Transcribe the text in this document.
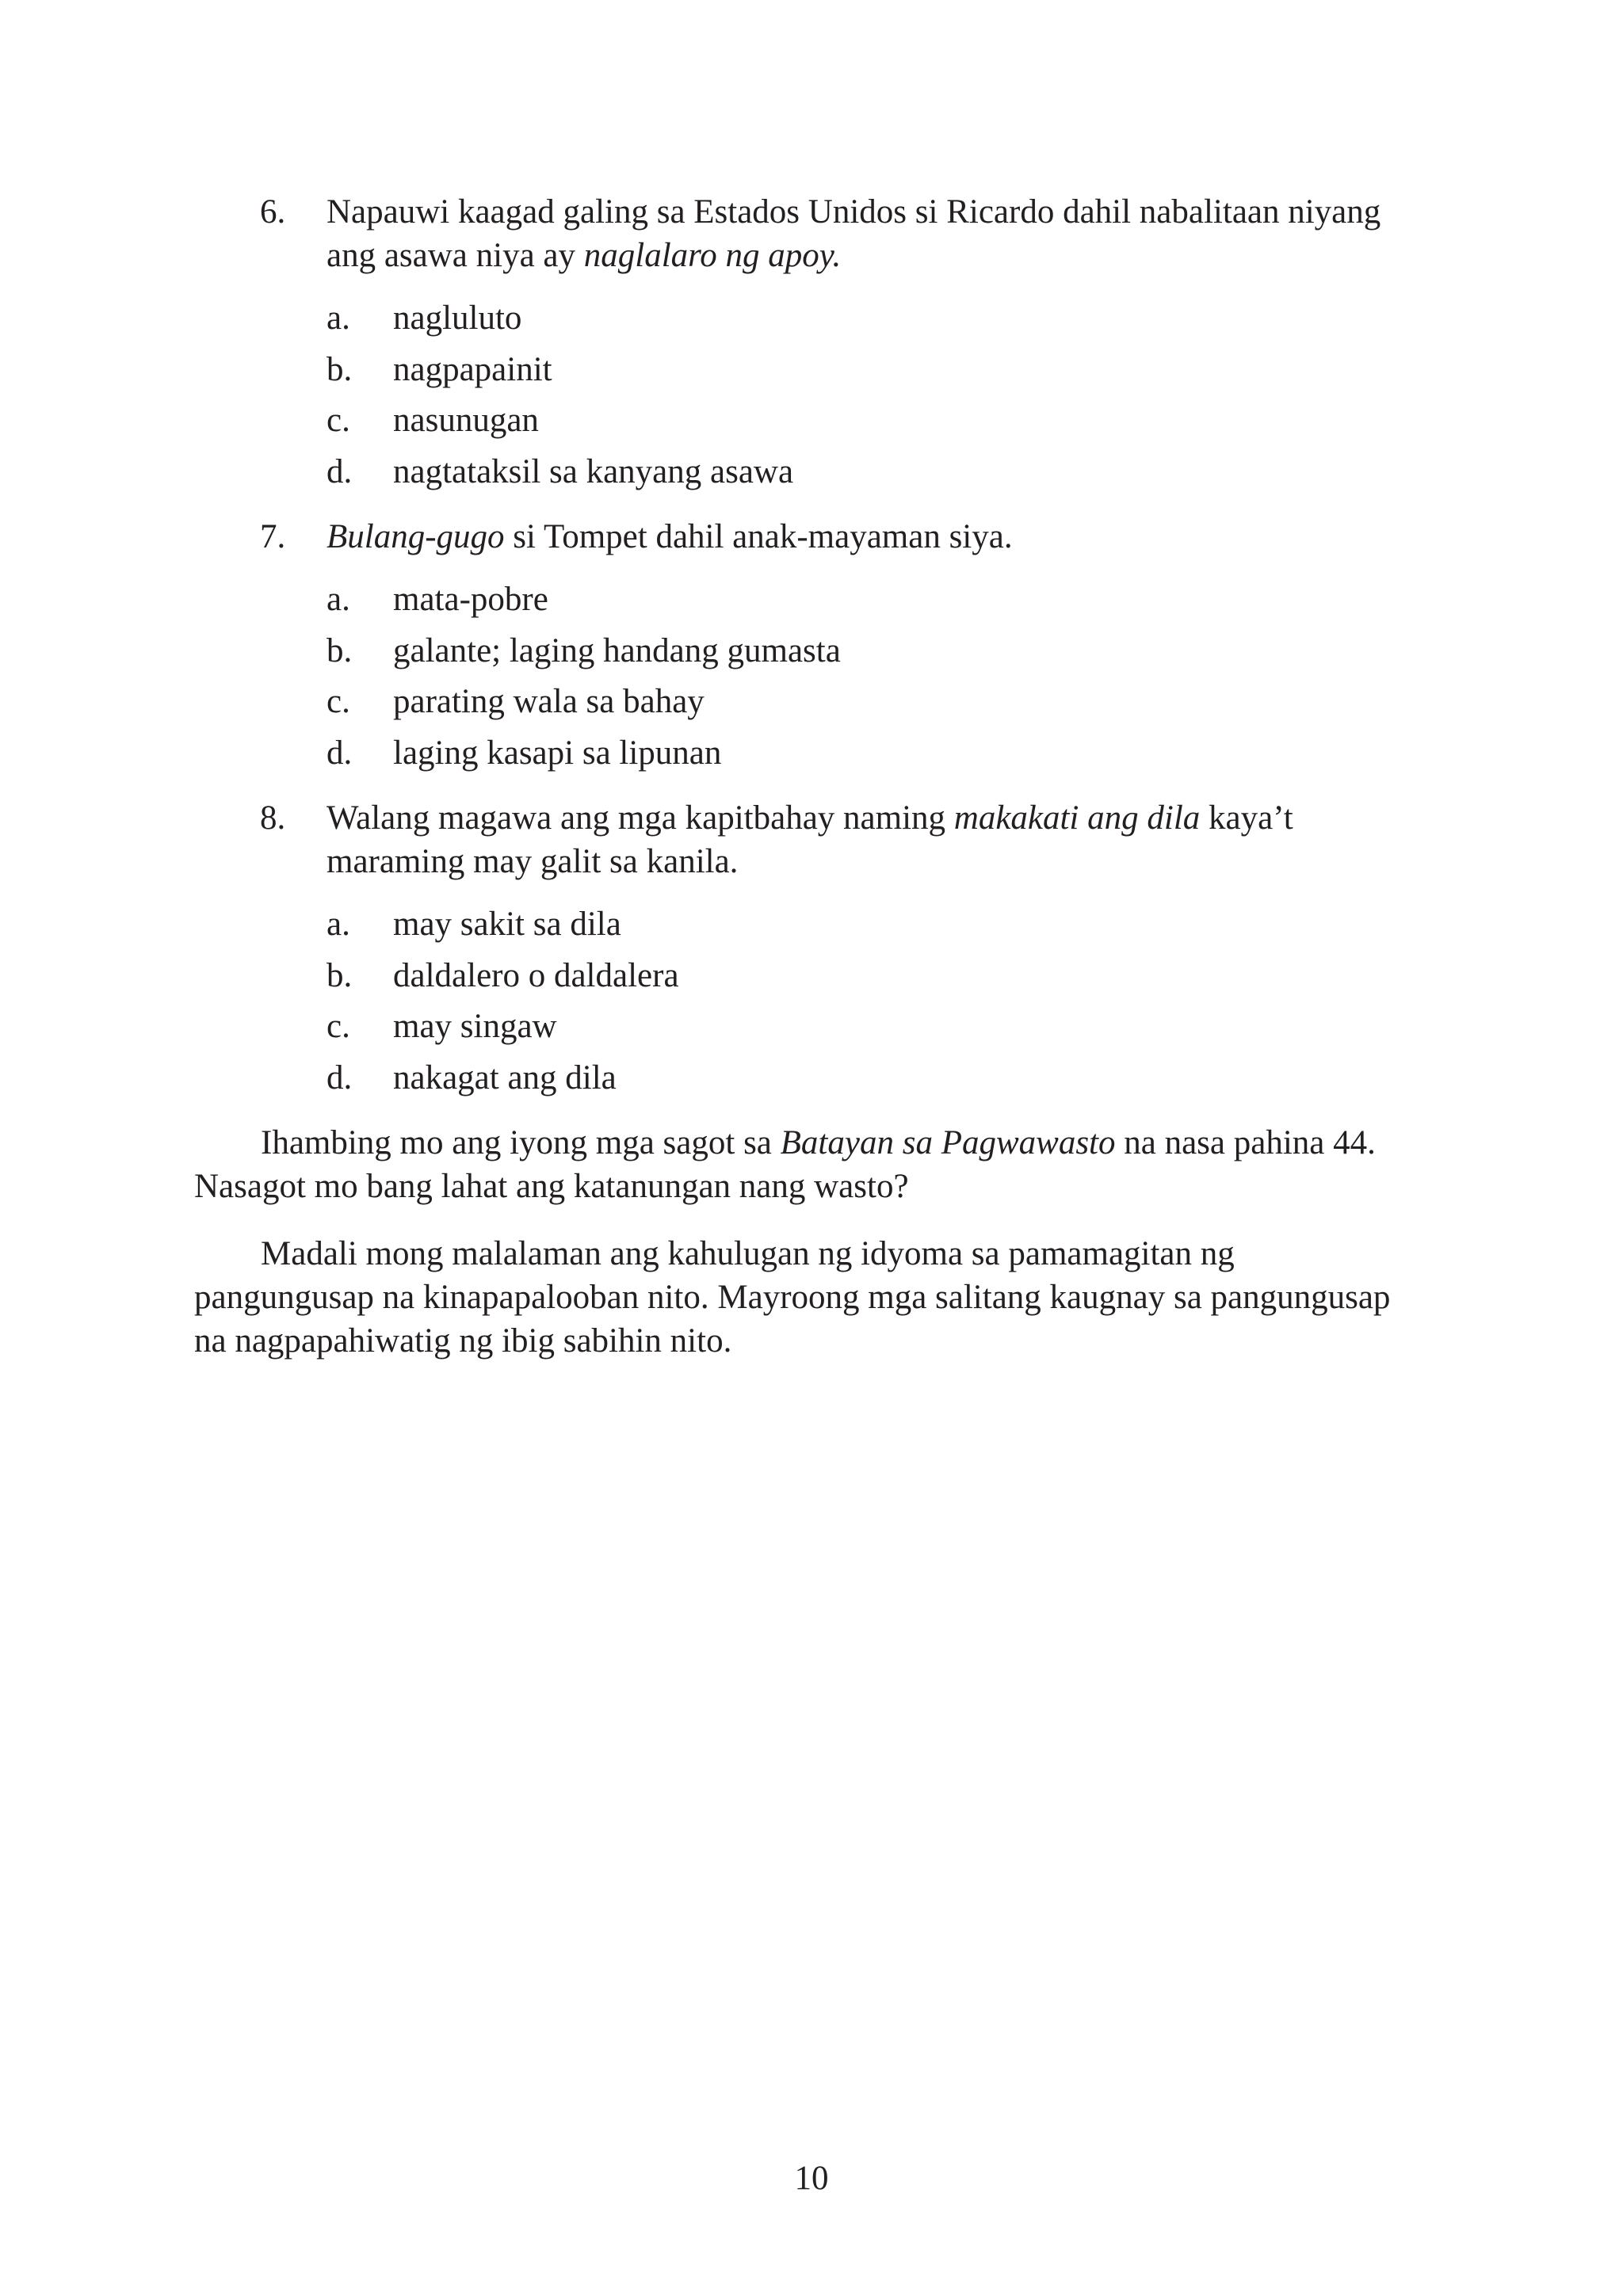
6.	Napauwi kaagad galing sa Estados Unidos si Ricardo dahil nabalitaan niyang ang asawa niya ay naglalaro ng apoy.
a.	nagluluto
b.	nagpapainit
c.	nasunugan
d.	nagtataksil sa kanyang asawa
7.	Bulang-gugo si Tompet dahil anak-mayaman siya.
a.	mata-pobre
b.	galante; laging handang gumasta
c.	parating wala sa bahay
d.	laging kasapi sa lipunan
8.	Walang magawa ang mga kapitbahay naming makakati ang dila kaya’t maraming may galit sa kanila.
a.	may sakit sa dila
b.	daldalero o daldalera
c.	may singaw
d.	nakagat ang dila

Ihambing mo ang iyong mga sagot sa Batayan sa Pagwawasto na nasa pahina 44. Nasagot mo bang lahat ang katanungan nang wasto?

Madali mong malalaman ang kahulugan ng idyoma sa pamamagitan ng pangungusap na kinapapalooban nito. Mayroong mga salitang kaugnay sa pangungusap na nagpapahiwatig ng ibig sabihin nito.

10
